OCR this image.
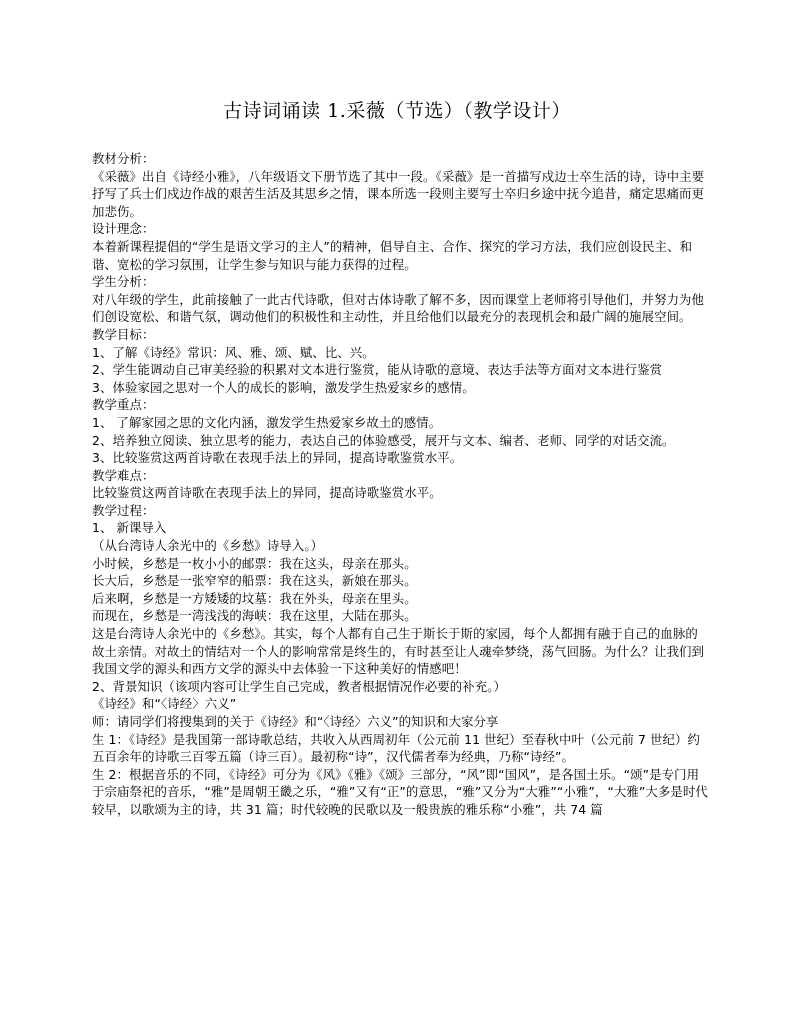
古诗词诵读 1.采薇（节选）（教学设计）

教材分析：

《采薇》出自《诗经小雅》，八年级语文下册节选了其中一段。《采薇》是一首描写戍边士卒生活的诗，诗中主要抒写了兵士们戍边作战的艰苦生活及其思乡之情，课本所选一段则主要写士卒归乡途中抚今追昔，痛定思痛而更加悲伤。

设计理念：

本着新课程提倡的“学生是语文学习的主人”的精神，倡导自主、合作、探究的学习方法，我们应创设民主、和谐、宽松的学习氛围，让学生参与知识与能力获得的过程。

学生分析：

对八年级的学生，此前接触了一此古代诗歌，但对古体诗歌了解不多，因而课堂上老师将引导他们，并努力为他们创设宽松、和谐气氛，调动他们的积极性和主动性，并且给他们以最充分的表现机会和最广阔的施展空间。

教学目标：

1、了解《诗经》常识：风、雅、颂、赋、比、兴。

2、学生能调动自己审美经验的积累对文本进行鉴赏，能从诗歌的意境、表达手法等方面对文本进行鉴赏

3、体验家园之思对一个人的成长的影响，激发学生热爱家乡的感情。

教学重点：

1、 了解家园之思的文化内涵，激发学生热爱家乡故土的感情。

2、培养独立阅读、独立思考的能力，表达自己的体验感受，展开与文本、编者、老师、同学的对话交流。

3、比较鉴赏这两首诗歌在表现手法上的异同，提高诗歌鉴赏水平。

教学难点：

比较鉴赏这两首诗歌在表现手法上的异同，提高诗歌鉴赏水平。

教学过程：

1、 新课导入

（从台湾诗人余光中的《乡愁》诗导入。）

小时候，乡愁是一枚小小的邮票：我在这头，母亲在那头。

长大后，乡愁是一张窄窄的船票：我在这头，新娘在那头。

后来啊，乡愁是一方矮矮的坟墓：我在外头，母亲在里头。

而现在，乡愁是一湾浅浅的海峡：我在这里，大陆在那头。

这是台湾诗人余光中的《乡愁》。其实，每个人都有自己生于斯长于斯的家园，每个人都拥有融于自己的血脉的故土亲情。对故土的情结对一个人的影响常常是终生的，有时甚至让人魂牵梦绕，荡气回肠。为什么？让我们到我国文学的源头和西方文学的源头中去体验一下这种美好的情感吧！

2、背景知识（该项内容可让学生自己完成，教者根据情况作必要的补充。）

《诗经》和“〈诗经〉六义”

师：请同学们将搜集到的关于《诗经》和“〈诗经〉六义”的知识和大家分享

生 1：《诗经》是我国第一部诗歌总结，共收入从西周初年（公元前 11 世纪）至春秋中叶（公元前 7 世纪）约五百余年的诗歌三百零五篇（诗三百）。最初称“诗”，汉代儒者奉为经典，乃称“诗经”。

生 2：根据音乐的不同，《诗经》可分为《风》《雅》《颂》三部分，“风”即“国风”，是各国土乐。“颂”是专门用于宗庙祭祀的音乐，“雅”是周朝王畿之乐，“雅”又有“正”的意思，“雅”又分为“大雅”“小雅”，“大雅”大多是时代较早，以歌颂为主的诗，共 31 篇；时代较晚的民歌以及一般贵族的雅乐称“小雅”，共 74 篇
